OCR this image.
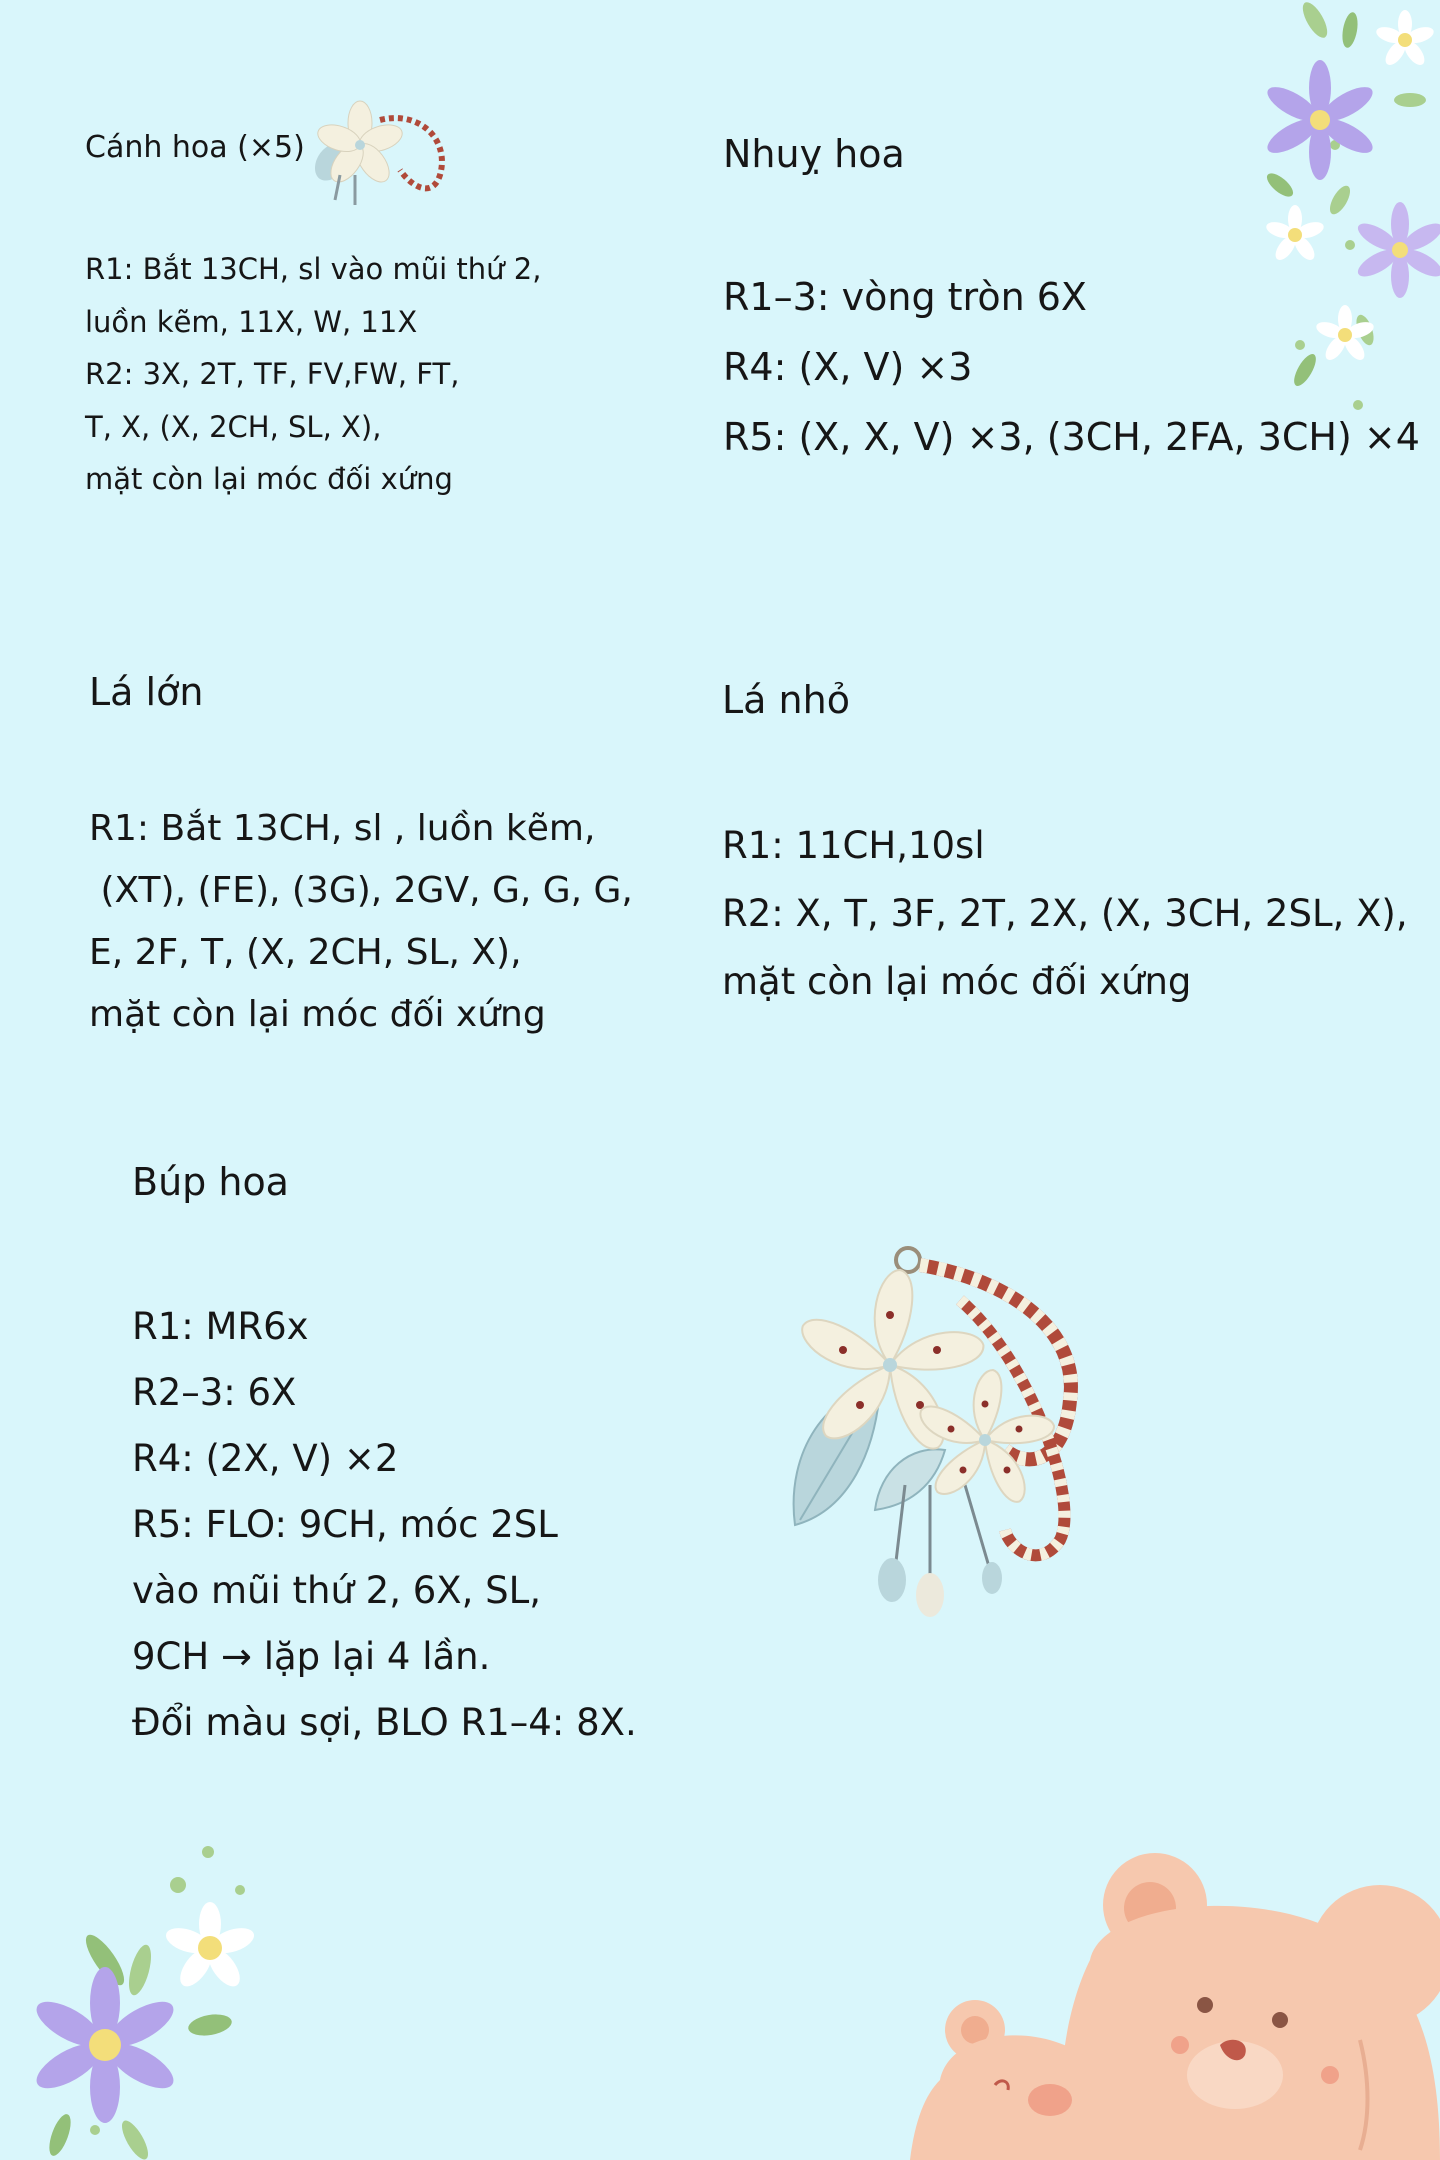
Cánh hoa (×5)
R1: Bắt 13CH, sl vào mũi thứ 2,
luồn kẽm, 11X, W, 11X
R2: 3X, 2T, TF, FV,FW, FT,
T, X, (X, 2CH, SL, X),
mặt còn lại móc đối xứng
Nhuỵ hoa
R1–3: vòng tròn 6X
R4: (X, V) ×3
R5: (X, X, V) ×3, (3CH, 2FA, 3CH) ×4
Lá lớn
R1: Bắt 13CH, sl , luồn kẽm,
(XT), (FE), (3G), 2GV, G, G, G,
E, 2F, T, (X, 2CH, SL, X),
mặt còn lại móc đối xứng
Lá nhỏ
R1: 11CH,10sl
R2: X, T, 3F, 2T, 2X, (X, 3CH, 2SL, X),
mặt còn lại móc đối xứng
Búp hoa
R1: MR6x
R2–3: 6X
R4: (2X, V) ×2
R5: FLO: 9CH, móc 2SL
vào mũi thứ 2, 6X, SL,
9CH → lặp lại 4 lần.
Đổi màu sợi, BLO R1–4: 8X.
